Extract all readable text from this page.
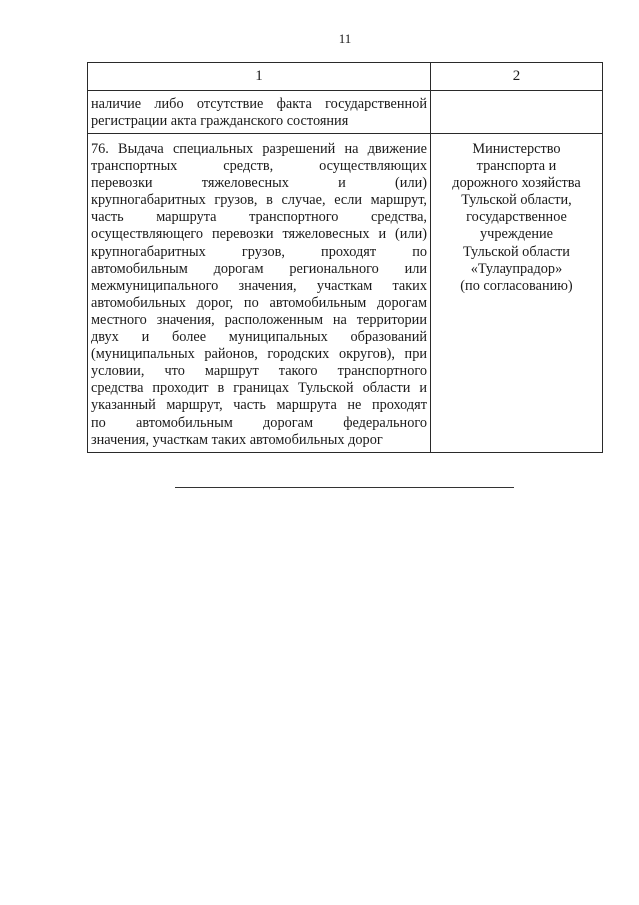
11
1	2
наличие либо отсутствие факта государственной
регистрации акта гражданского состояния
76. Выдача специальных разрешений на движение
транспортных средств, осуществляющих
перевозки тяжеловесных и (или)
крупногабаритных грузов, в случае, если маршрут,
часть маршрута транспортного средства,
осуществляющего перевозки тяжеловесных и (или)
крупногабаритных грузов, проходят по
автомобильным дорогам регионального или
межмуниципального значения, участкам таких
автомобильных дорог, по автомобильным дорогам
местного значения, расположенным на территории
двух и более муниципальных образований
(муниципальных районов, городских округов), при
условии, что маршрут такого транспортного
средства проходит в границах Тульской области и
указанный маршрут, часть маршрута не проходят
по автомобильным дорогам федерального
значения, участкам таких автомобильных дорог
Министерство
транспорта и
дорожного хозяйства
Тульской области,
государственное
учреждение
Тульской области
«Тулаупрадор»
(по согласованию)
